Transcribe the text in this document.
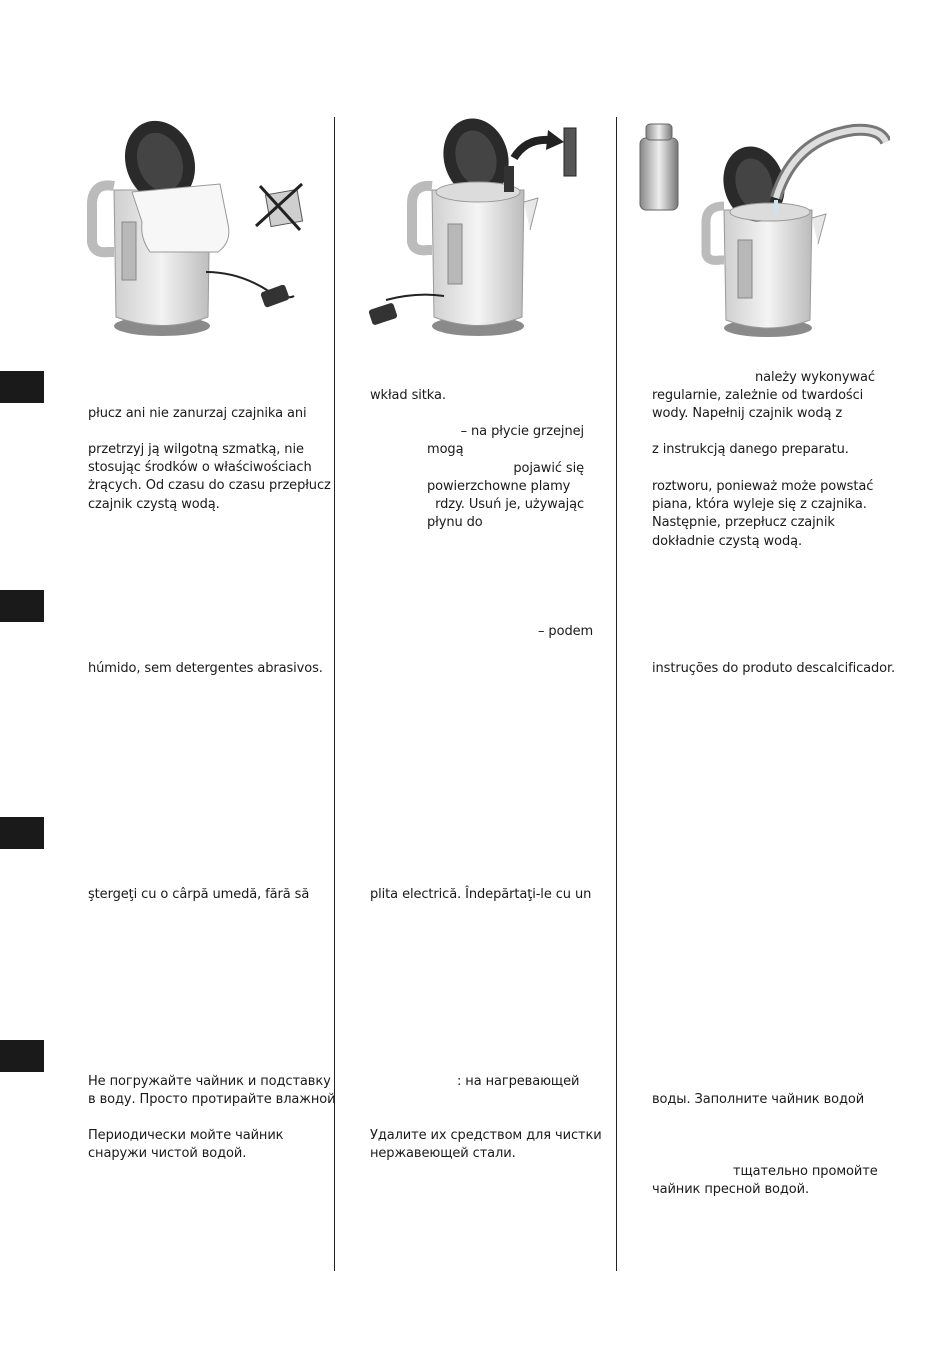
płucz ani nie zanurzaj czajnika ani
przetrzyj ją wilgotną szmatką, nie
stosując środków o właściwościach
żrących. Od czasu do czasu przepłucz
czajnik czystą wodą.
húmido, sem detergentes abrasivos.
ştergeţi cu o cârpă umedă, fără să
Не погружайте чайник и подставку
в воду. Просто протирайте влажной
Периодически мойте чайник
снаружи чистой водой.
wkład sitka.

– na płycie grzejnej mogą
pojawić się powierzchowne plamy
rdzy. Usuń je, używając płynu do

– podem
plita electrică. Îndepărtaţi-le cu un
: на нагревающей
Удалите их средством для чистки
нержавеющей стали.
należy wykonywać
regularnie, zależnie od twardości
wody. Napełnij czajnik wodą z
z instrukcją danego preparatu.
roztworu, ponieważ może powstać
piana, która wyleje się z czajnika.
Następnie, przepłucz czajnik
dokładnie czystą wodą.
instruções do produto descalcificador.
воды. Заполните чайник водой
тщательно промойте
чайник пресной водой.
